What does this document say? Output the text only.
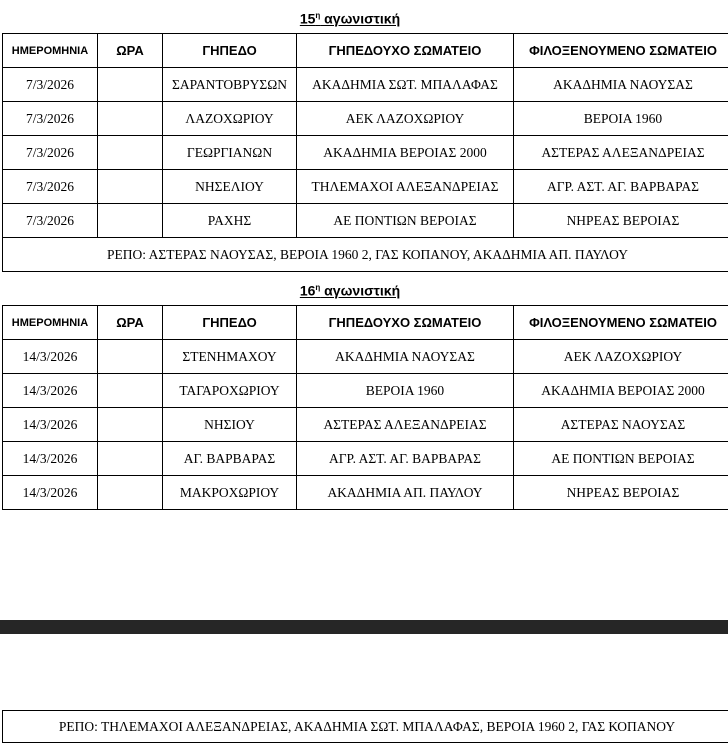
$15^\eta$ αγωνιστική
ΗΜΕΡΟΜΗΝΙΑ	ΩΡΑ	ΓΗΠΕΔΟ	ΓΗΠΕΔΟΥΧΟ ΣΩΜΑΤΕΙΟ	ΦΙΛΟΞΕΝΟΥΜΕΝΟ ΣΩΜΑΤΕΙΟ
7/3/2026		ΣΑΡΑΝΤΟΒΡΥΣΩΝ	ΑΚΑΔΗΜΙΑ ΣΩΤ. ΜΠΑΛΑΦΑΣ	ΑΚΑΔΗΜΙΑ ΝΑΟΥΣΑΣ
7/3/2026		ΛΑΖΟΧΩΡΙΟΥ	ΑΕΚ ΛΑΖΟΧΩΡΙΟΥ	ΒΕΡΟΙΑ 1960
7/3/2026		ΓΕΩΡΓΙΑΝΩΝ	ΑΚΑΔΗΜΙΑ ΒΕΡΟΙΑΣ 2000	ΑΣΤΕΡΑΣ ΑΛΕΞΑΝΔΡΕΙΑΣ
7/3/2026		ΝΗΣΕΛΙΟΥ	ΤΗΛΕΜΑΧΟΙ ΑΛΕΞΑΝΔΡΕΙΑΣ	ΑΓΡ. ΑΣΤ. ΑΓ. ΒΑΡΒΑΡΑΣ
7/3/2026		ΡΑΧΗΣ	ΑΕ ΠΟΝΤΙΩΝ ΒΕΡΟΙΑΣ	ΝΗΡΕΑΣ ΒΕΡΟΙΑΣ
ΡΕΠΟ: ΑΣΤΕΡΑΣ ΝΑΟΥΣΑΣ, ΒΕΡΟΙΑ 1960 2, ΓΑΣ ΚΟΠΑΝΟΥ, ΑΚΑΔΗΜΙΑ ΑΠ. ΠΑΥΛΟΥ				
$16^\eta$ αγωνιστική
ΗΜΕΡΟΜΗΝΙΑ	ΩΡΑ	ΓΗΠΕΔΟ	ΓΗΠΕΔΟΥΧΟ ΣΩΜΑΤΕΙΟ	ΦΙΛΟΞΕΝΟΥΜΕΝΟ ΣΩΜΑΤΕΙΟ
14/3/2026		ΣΤΕΝΗΜΑΧΟΥ	ΑΚΑΔΗΜΙΑ ΝΑΟΥΣΑΣ	ΑΕΚ ΛΑΖΟΧΩΡΙΟΥ
14/3/2026		ΤΑΓΑΡΟΧΩΡΙΟΥ	ΒΕΡΟΙΑ 1960	ΑΚΑΔΗΜΙΑ ΒΕΡΟΙΑΣ 2000
14/3/2026		ΝΗΣΙΟΥ	ΑΣΤΕΡΑΣ ΑΛΕΞΑΝΔΡΕΙΑΣ	ΑΣΤΕΡΑΣ ΝΑΟΥΣΑΣ
14/3/2026		ΑΓ. ΒΑΡΒΑΡΑΣ	ΑΓΡ. ΑΣΤ. ΑΓ. ΒΑΡΒΑΡΑΣ	ΑΕ ΠΟΝΤΙΩΝ ΒΕΡΟΙΑΣ
14/3/2026		ΜΑΚΡΟΧΩΡΙΟΥ	ΑΚΑΔΗΜΙΑ ΑΠ. ΠΑΥΛΟΥ	ΝΗΡΕΑΣ ΒΕΡΟΙΑΣ
ΡΕΠΟ: ΤΗΛΕΜΑΧΟΙ ΑΛΕΞΑΝΔΡΕΙΑΣ, ΑΚΑΔΗΜΙΑ ΣΩΤ. ΜΠΑΛΑΦΑΣ, ΒΕΡΟΙΑ 1960 2, ΓΑΣ ΚΟΠΑΝΟΥ
